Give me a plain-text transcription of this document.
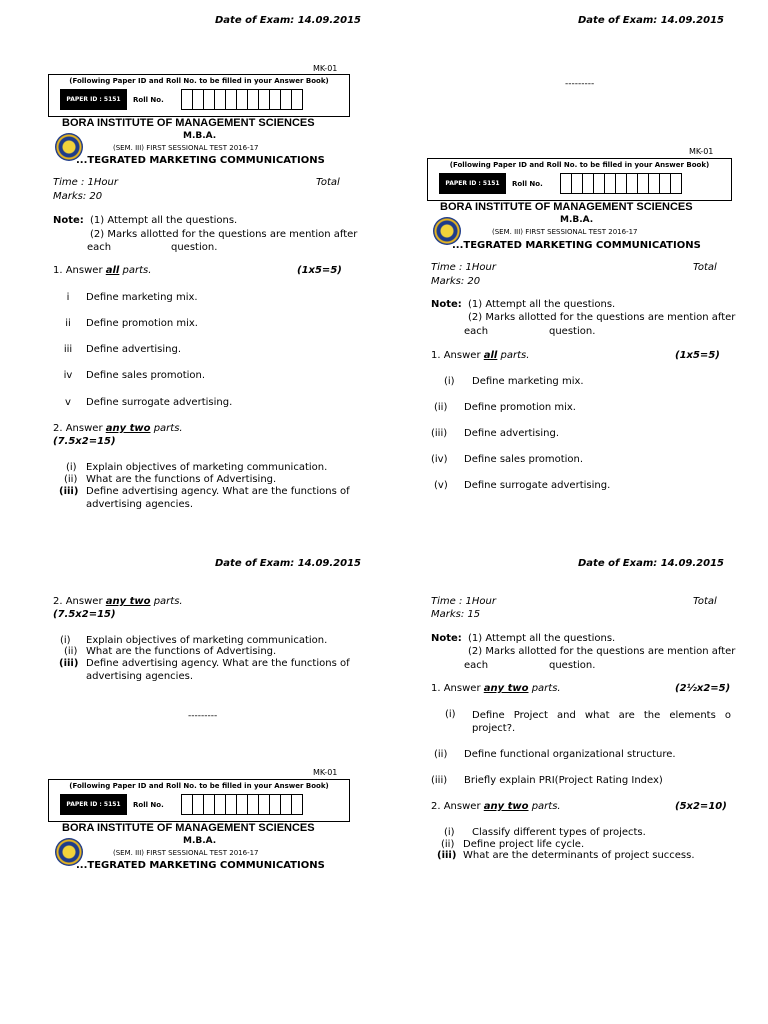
Date of Exam: 14.09.2015
MK-01
(Following Paper ID and Roll No. to be filled in your Answer Book)
PAPER ID : 5151	Roll No.
BORA INSTITUTE OF MANAGEMENT SCIENCES
M.B.A.
(SEM. III) FIRST SESSIONAL TEST 2016-17
...TEGRATED MARKETING COMMUNICATIONS
Time : 1Hour	Total
Marks: 20
Note: (1) Attempt all the questions.
(2) Marks allotted for the questions are mention after
each	question.
1. Answer all parts.	(1x5=5)
i Define marketing mix.
ii Define promotion mix.
iii Define advertising.
iv Define sales promotion.
v Define surrogate advertising.
2. Answer any two parts.
(7.5x2=15)
(i) Explain objectives of marketing communication.
(ii) What are the functions of Advertising.
(iii) Define advertising agency. What are the functions of
advertising agencies.
Date of Exam: 14.09.2015
---------
MK-01
(Following Paper ID and Roll No. to be filled in your Answer Book)
PAPER ID : 5151	Roll No.
BORA INSTITUTE OF MANAGEMENT SCIENCES
M.B.A.
(SEM. III) FIRST SESSIONAL TEST 2016-17
...TEGRATED MARKETING COMMUNICATIONS
Time : 1Hour	Total
Marks: 20
Note: (1) Attempt all the questions.
(2) Marks allotted for the questions are mention after
each	question.
1. Answer all parts.	(1x5=5)
(i) Define marketing mix.
(ii) Define promotion mix.
(iii) Define advertising.
(iv) Define sales promotion.
(v) Define surrogate advertising.
Date of Exam: 14.09.2015
2. Answer any two parts.
(7.5x2=15)
(i) Explain objectives of marketing communication.
(ii) What are the functions of Advertising.
(iii) Define advertising agency. What are the functions of
advertising agencies.
---------
MK-01
(Following Paper ID and Roll No. to be filled in your Answer Book)
PAPER ID : 5151	Roll No.
BORA INSTITUTE OF MANAGEMENT SCIENCES
M.B.A.
(SEM. III) FIRST SESSIONAL TEST 2016-17
...TEGRATED MARKETING COMMUNICATIONS
Date of Exam: 14.09.2015
Time : 1Hour	Total
Marks: 15
Note: (1) Attempt all the questions.
(2) Marks allotted for the questions are mention after
each	question.
1. Answer any two parts.	(2½x2=5)
(i) Define Project and what are the elements o project?.
(ii) Define functional organizational structure.
(iii) Briefly explain PRI(Project Rating Index)
2. Answer any two parts.	(5x2=10)
(i) Classify different types of projects.
(ii) Define project life cycle.
(iii) What are the determinants of project success.
